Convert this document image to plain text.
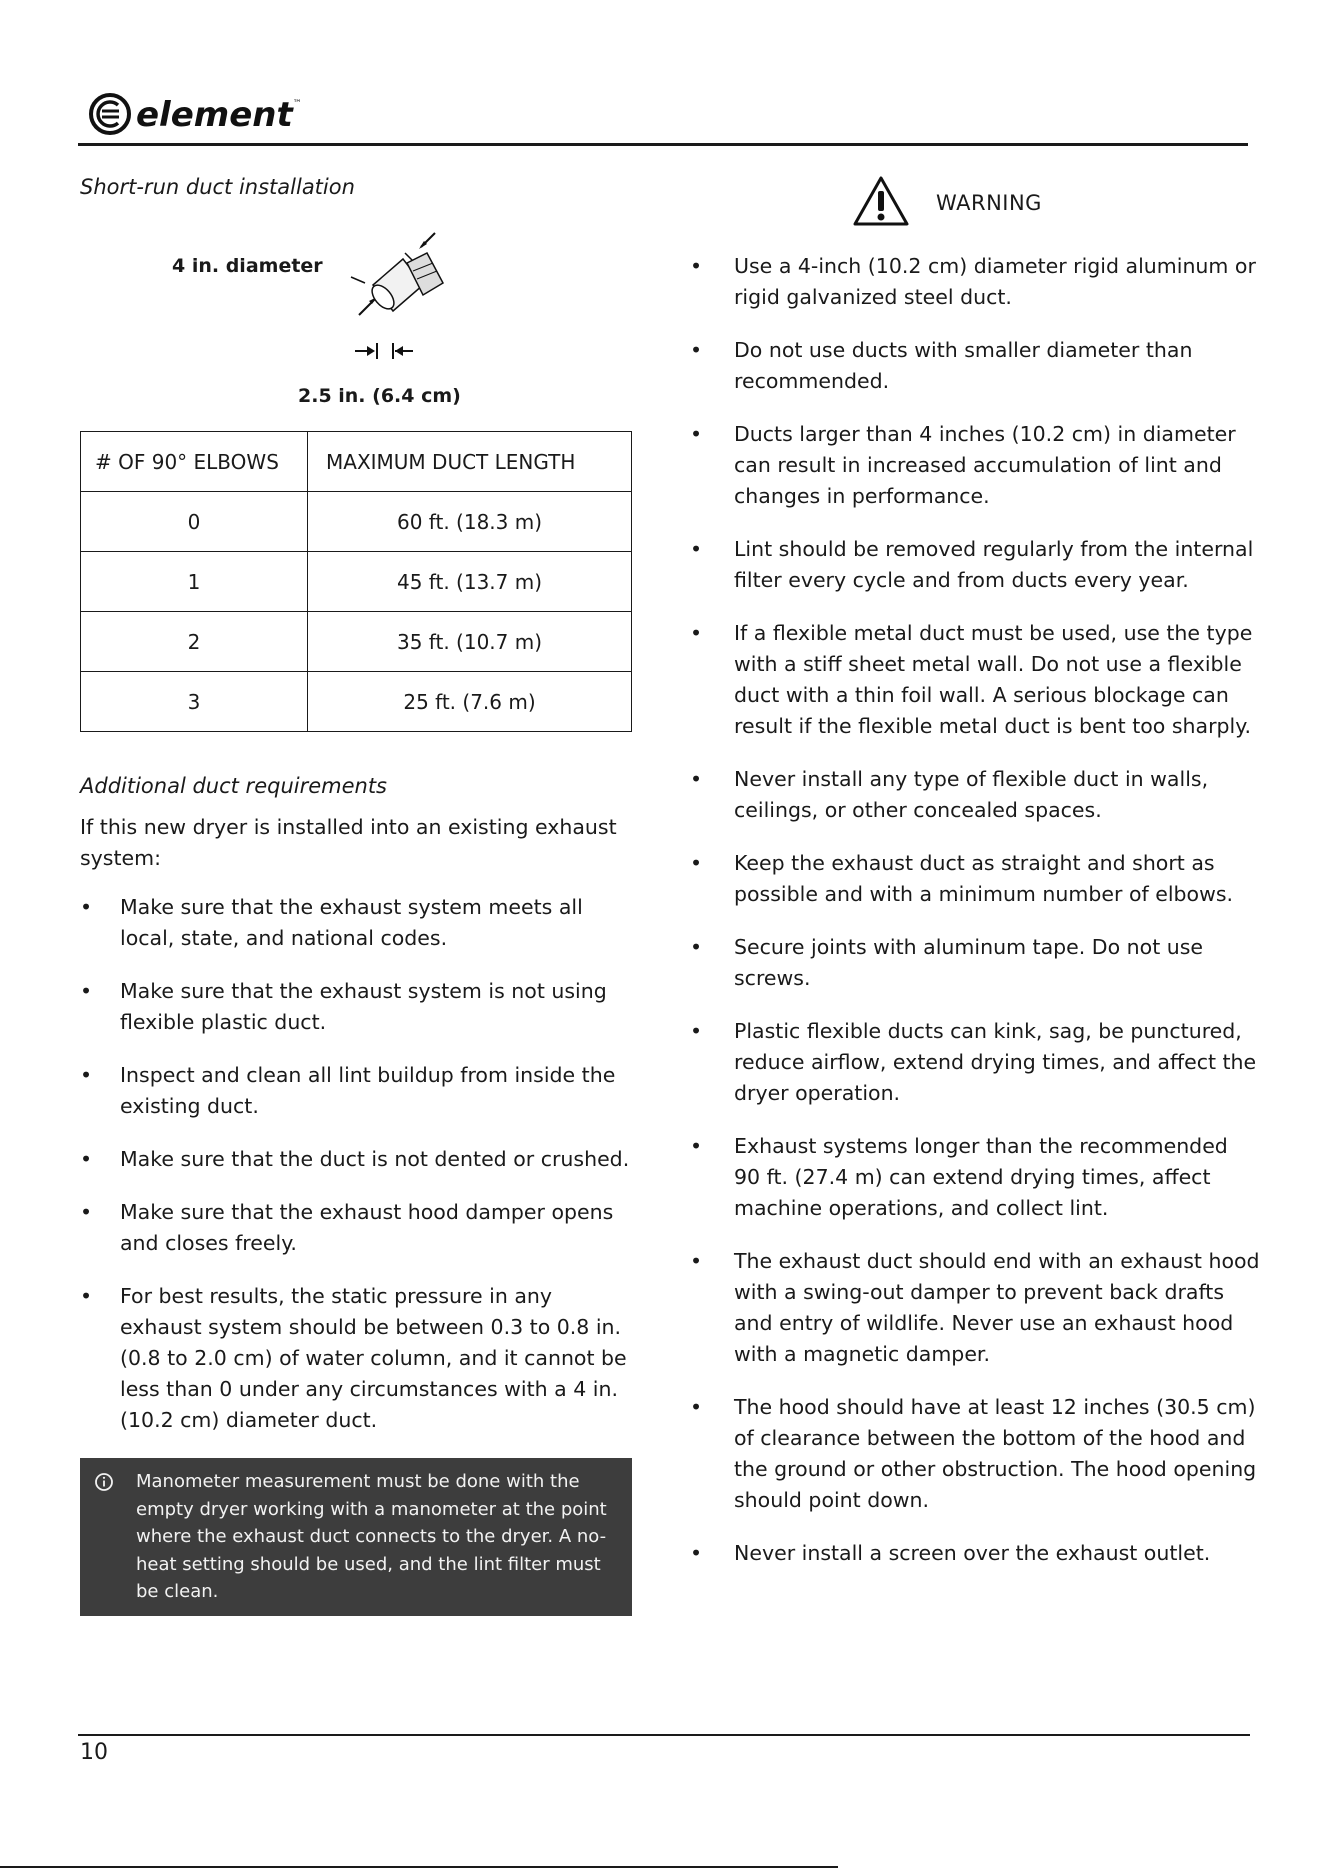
element™

Short-run duct installation

4 in. diameter
2.5 in. (6.4 cm)
# OF 90° ELBOWS	MAXIMUM DUCT LENGTH
0	60 ft. (18.3 m)
1	45 ft. (13.7 m)
2	35 ft. (10.7 m)
3	25 ft. (7.6 m)

Additional duct requirements

If this new dryer is installed into an existing exhaust system:

• Make sure that the exhaust system meets all local, state, and national codes.
• Make sure that the exhaust system is not using flexible plastic duct.
• Inspect and clean all lint buildup from inside the existing duct.
• Make sure that the duct is not dented or crushed.
• Make sure that the exhaust hood damper opens and closes freely.
• For best results, the static pressure in any exhaust system should be between 0.3 to 0.8 in. (0.8 to 2.0 cm) of water column, and it cannot be less than 0 under any circumstances with a 4 in. (10.2 cm) diameter duct.
Manometer measurement must be done with the empty dryer working with a manometer at the point where the exhaust duct connects to the dryer. A no-heat setting should be used, and the lint filter must be clean.
WARNING
• Use a 4-inch (10.2 cm) diameter rigid aluminum or rigid galvanized steel duct.
• Do not use ducts with smaller diameter than recommended.
• Ducts larger than 4 inches (10.2 cm) in diameter can result in increased accumulation of lint and changes in performance.
• Lint should be removed regularly from the internal filter every cycle and from ducts every year.
• If a flexible metal duct must be used, use the type with a stiff sheet metal wall. Do not use a flexible duct with a thin foil wall. A serious blockage can result if the flexible metal duct is bent too sharply.
• Never install any type of flexible duct in walls, ceilings, or other concealed spaces.
• Keep the exhaust duct as straight and short as possible and with a minimum number of elbows.
• Secure joints with aluminum tape. Do not use screws.
• Plastic flexible ducts can kink, sag, be punctured, reduce airflow, extend drying times, and affect the dryer operation.
• Exhaust systems longer than the recommended 90 ft. (27.4 m) can extend drying times, affect machine operations, and collect lint.
• The exhaust duct should end with an exhaust hood with a swing-out damper to prevent back drafts and entry of wildlife. Never use an exhaust hood with a magnetic damper.
• The hood should have at least 12 inches (30.5 cm) of clearance between the bottom of the hood and the ground or other obstruction. The hood opening should point down.
• Never install a screen over the exhaust outlet.
10
